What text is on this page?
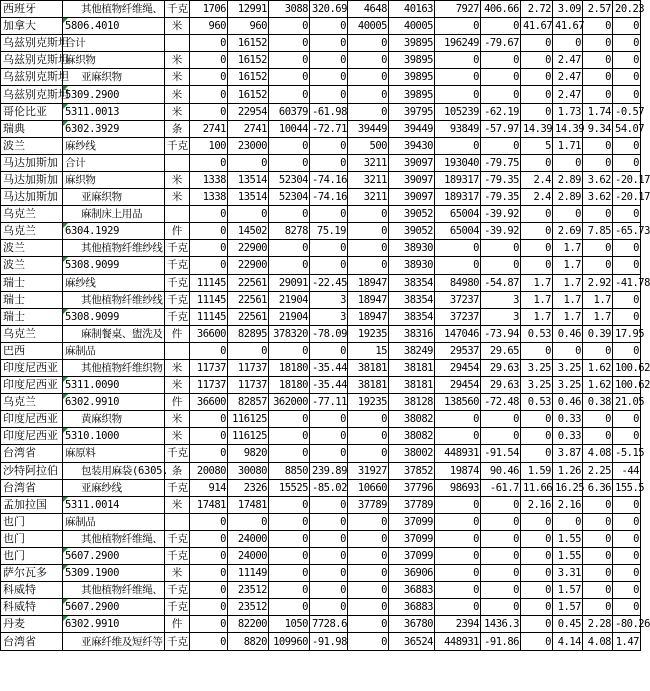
西班牙	其他植物纤维绳、	千克	1706	12991	3088	320.69	4648	40163	7927	406.66	2.72	3.09	2.57	20.23
加拿大	5806.4010	米	960	960	0	0	40005	40005	0	0	41.67	41.67	0	0
乌兹别克斯坦	合计		0	16152	0	0	0	39895	196249	-79.67	0	0	0	0
乌兹别克斯坦	麻织物	米	0	16152	0	0	0	39895	0	0	0	2.47	0	0
乌兹别克斯坦	亚麻织物	米	0	16152	0	0	0	39895	0	0	0	2.47	0	0
乌兹别克斯坦	5309.2900	米	0	16152	0	0	0	39895	0	0	0	2.47	0	0
哥伦比亚	5311.0013	米	0	22954	60379	-61.98	0	39795	105239	-62.19	0	1.73	1.74	-0.57
瑞典	6302.3929	条	2741	2741	10044	-72.71	39449	39449	93849	-57.97	14.39	14.39	9.34	54.07
波兰	麻纱线	千克	100	23000	0	0	500	39430	0	0	5	1.71	0	0
马达加斯加	合计		0	0	0	0	3211	39097	193040	-79.75	0	0	0	0
马达加斯加	麻织物	米	1338	13514	52304	-74.16	3211	39097	189317	-79.35	2.4	2.89	3.62	-20.17
马达加斯加	亚麻织物	米	1338	13514	52304	-74.16	3211	39097	189317	-79.35	2.4	2.89	3.62	-20.17
乌克兰	麻制床上用品		0	0	0	0	0	39052	65004	-39.92	0	0	0	0
乌克兰	6304.1929	件	0	14502	8278	75.19	0	39052	65004	-39.92	0	2.69	7.85	-65.73
波兰	其他植物纤维纱线	千克	0	22900	0	0	0	38930	0	0	0	1.7	0	0
波兰	5308.9099	千克	0	22900	0	0	0	38930	0	0	0	1.7	0	0
瑞士	麻纱线	千克	11145	22561	29091	-22.45	18947	38354	84980	-54.87	1.7	1.7	2.92	-41.78
瑞士	其他植物纤维纱线	千克	11145	22561	21904	3	18947	38354	37237	3	1.7	1.7	1.7	0
瑞士	5308.9099	千克	11145	22561	21904	3	18947	38354	37237	3	1.7	1.7	1.7	0
乌克兰	麻制餐桌、盥洗及	件	36600	82895	378320	-78.09	19235	38316	147046	-73.94	0.53	0.46	0.39	17.95
巴西	麻制品		0	0	0	0	15	38249	29537	29.65	0	0	0	0
印度尼西亚	其他植物纤维织物	米	11737	11737	18180	-35.44	38181	38181	29454	29.63	3.25	3.25	1.62	100.62
印度尼西亚	5311.0090	米	11737	11737	18180	-35.44	38181	38181	29454	29.63	3.25	3.25	1.62	100.62
乌克兰	6302.9910	件	36600	82857	362000	-77.11	19235	38128	138560	-72.48	0.53	0.46	0.38	21.05
印度尼西亚	黄麻织物	米	0	116125	0	0	0	38082	0	0	0	0.33	0	0
印度尼西亚	5310.1000	米	0	116125	0	0	0	38082	0	0	0	0.33	0	0
台湾省	麻原料	千克	0	9820	0	0	0	38002	448931	-91.54	0	3.87	4.08	-5.15
沙特阿拉伯	包装用麻袋(6305.	条	20080	30080	8850	239.89	31927	37852	19874	90.46	1.59	1.26	2.25	-44
台湾省	亚麻纱线	千克	914	2326	15525	-85.02	10660	37796	98693	-61.7	11.66	16.25	6.36	155.5
孟加拉国	5311.0014	米	17481	17481	0	0	37789	37789	0	0	2.16	2.16	0	0
也门	麻制品		0	0	0	0	0	37099	0	0	0	0	0	0
也门	其他植物纤维绳、	千克	0	24000	0	0	0	37099	0	0	0	1.55	0	0
也门	5607.2900	千克	0	24000	0	0	0	37099	0	0	0	1.55	0	0
萨尔瓦多	5309.1900	米	0	11149	0	0	0	36906	0	0	0	3.31	0	0
科威特	其他植物纤维绳、	千克	0	23512	0	0	0	36883	0	0	0	1.57	0	0
科威特	5607.2900	千克	0	23512	0	0	0	36883	0	0	0	1.57	0	0
丹麦	6302.9910	件	0	82200	1050	7728.6	0	36780	2394	1436.3	0	0.45	2.28	-80.26
台湾省	亚麻纤维及短纤等	千克	0	8820	109960	-91.98	0	36524	448931	-91.86	0	4.14	4.08	1.47
